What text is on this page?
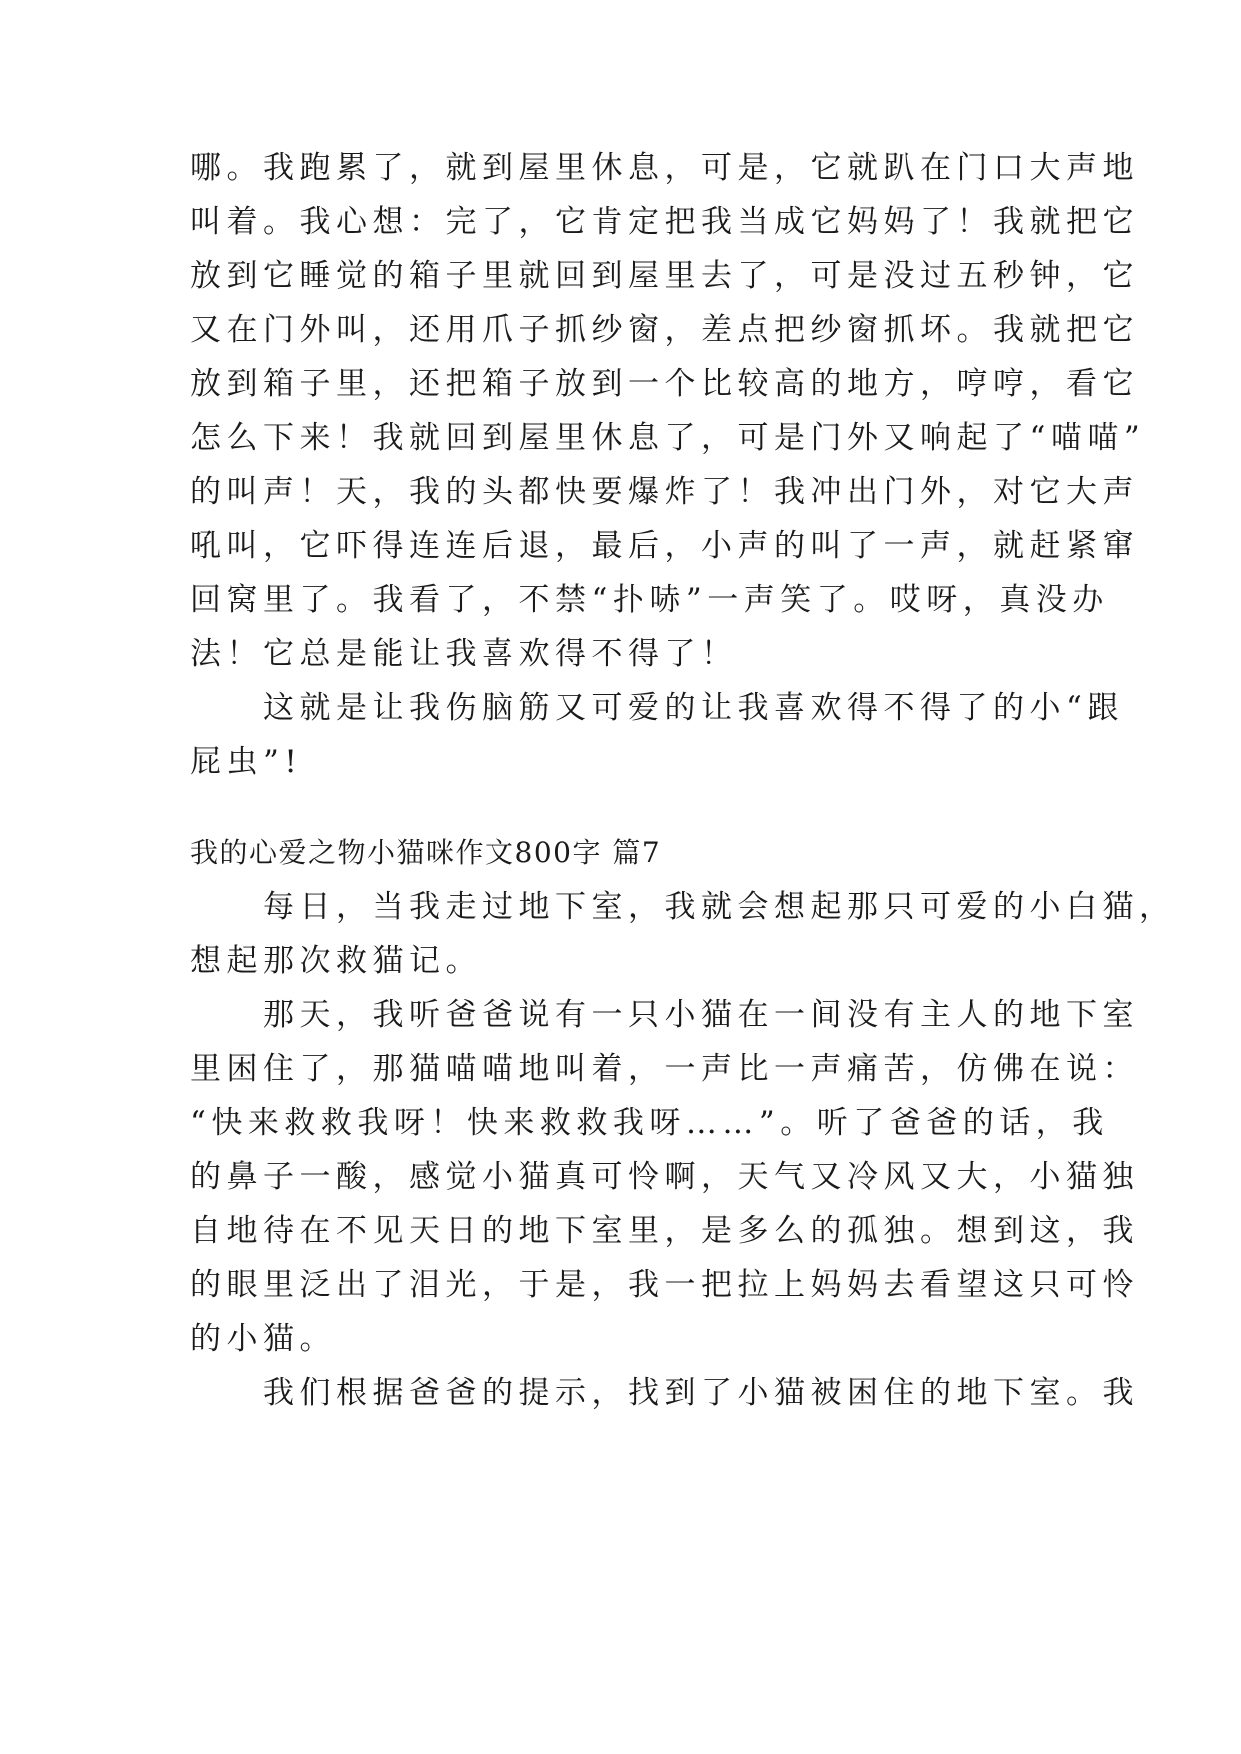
哪。我跑累了，就到屋里休息，可是，它就趴在门口大声地
叫着。我心想：完了，它肯定把我当成它妈妈了！我就把它
放到它睡觉的箱子里就回到屋里去了，可是没过五秒钟，它
又在门外叫，还用爪子抓纱窗，差点把纱窗抓坏。我就把它
放到箱子里，还把箱子放到一个比较高的地方，哼哼，看它
怎么下来！我就回到屋里休息了，可是门外又响起了“喵喵”
的叫声！天，我的头都快要爆炸了！我冲出门外，对它大声
吼叫，它吓得连连后退，最后，小声的叫了一声，就赶紧窜
回窝里了。我看了，不禁“扑哧”一声笑了。哎呀，真没办
法！它总是能让我喜欢得不得了！
　　这就是让我伤脑筋又可爱的让我喜欢得不得了的小“跟
屁虫”!
我的心爱之物小猫咪作文800字 篇7
　　每日，当我走过地下室，我就会想起那只可爱的小白猫，
想起那次救猫记。
　　那天，我听爸爸说有一只小猫在一间没有主人的地下室
里困住了，那猫喵喵地叫着，一声比一声痛苦，仿佛在说：
“快来救救我呀！快来救救我呀……”。听了爸爸的话，我
的鼻子一酸，感觉小猫真可怜啊，天气又冷风又大，小猫独
自地待在不见天日的地下室里，是多么的孤独。想到这，我
的眼里泛出了泪光，于是，我一把拉上妈妈去看望这只可怜
的小猫。
　　我们根据爸爸的提示，找到了小猫被困住的地下室。我
